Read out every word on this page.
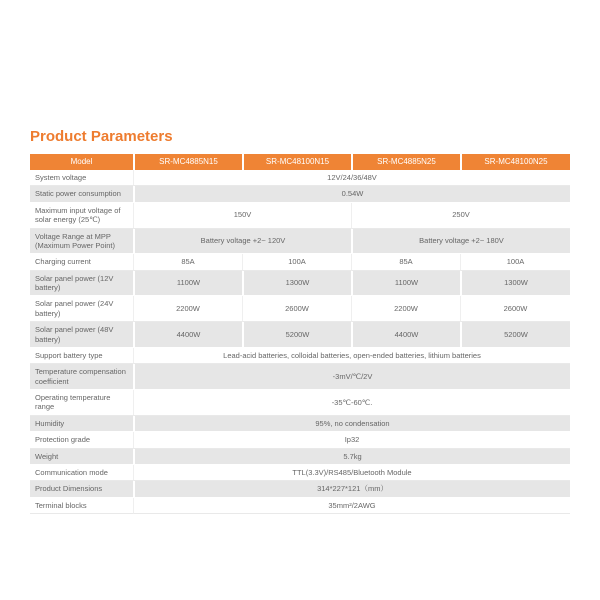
Product Parameters
Model	SR-MC4885N15	SR-MC48100N15	SR-MC4885N25	SR-MC48100N25
System voltage	12V/24/36/48V			
Static power consumption	0.54W			
Maximum input voltage of solar energy (25℃)	150V		250V	
Voltage Range at MPP (Maximum Power Point)	Battery voltage +2~ 120V		Battery voltage +2~ 180V	
Charging current	85A	100A	85A	100A
Solar panel power (12V battery)	1100W	1300W	1100W	1300W
Solar panel power (24V battery)	2200W	2600W	2200W	2600W
Solar panel power (48V battery)	4400W	5200W	4400W	5200W
Support battery type	Lead-acid batteries, colloidal batteries, open-ended batteries, lithium batteries			
Temperature compensation coefficient	-3mV/℃/2V			
Operating temperature range	-35℃-60℃.			
Humidity	95%, no condensation			
Protection grade	Ip32			
Weight	5.7kg			
Communication mode	TTL(3.3V)/RS485/Bluetooth Module			
Product Dimensions	314*227*121（mm）			
Terminal blocks	35mm²/2AWG			
